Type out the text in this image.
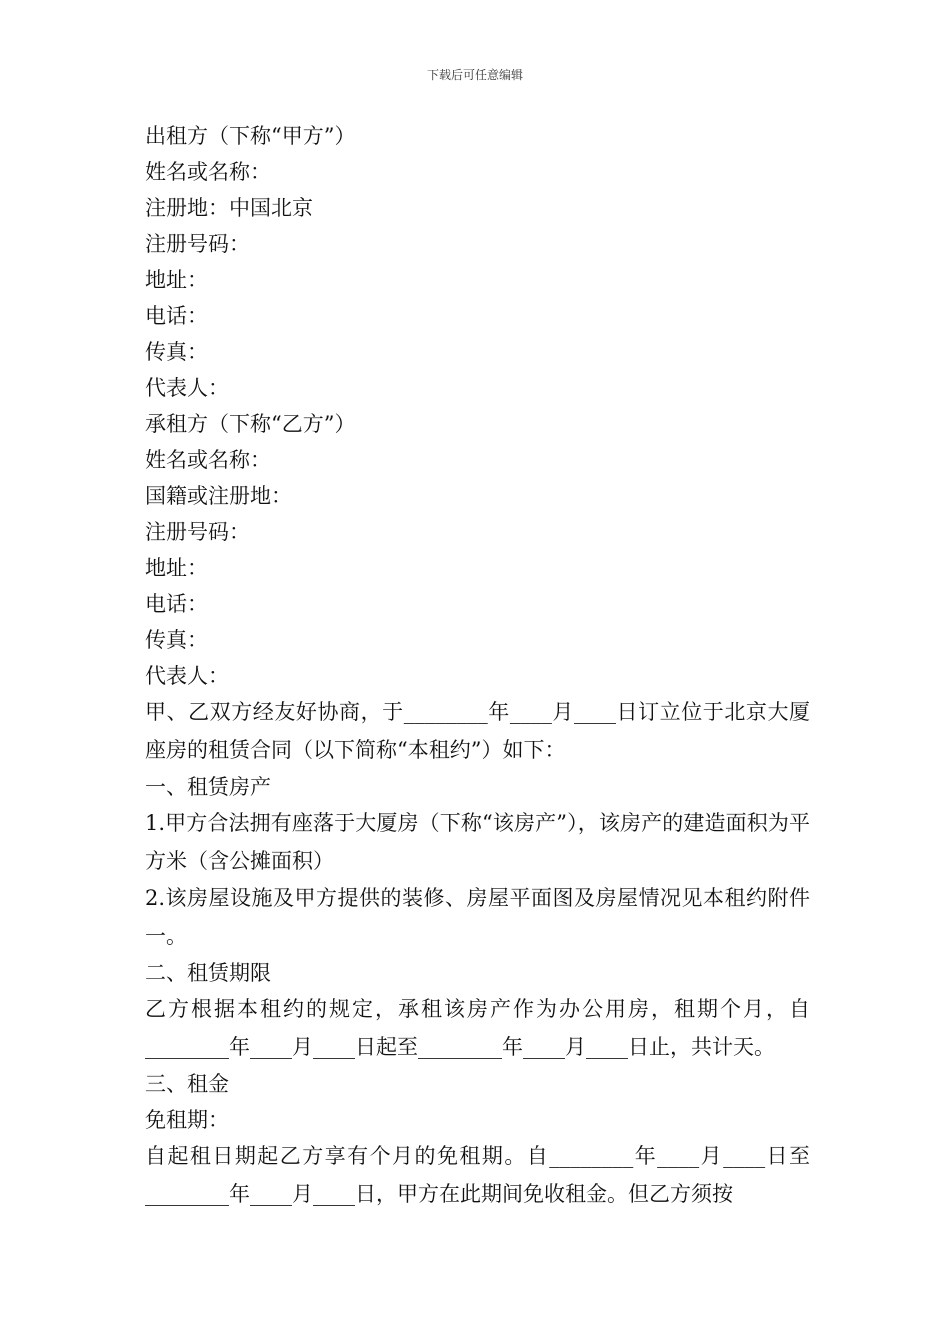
下载后可任意编辑
出租方（下称“甲方”）
姓名或名称：
注册地：中国北京
注册号码：
地址：
电话：
传真：
代表人：
承租方（下称“乙方”）
姓名或名称：
国籍或注册地：
注册号码：
地址：
电话：
传真：
代表人：
甲、乙双方经友好协商，于________年____月____日订立位于北京大厦座房的租赁合同（以下简称“本租约”）如下：
一、租赁房产
1.甲方合法拥有座落于大厦房（下称“该房产”），该房产的建造面积为平方米（含公摊面积）
2.该房屋设施及甲方提供的装修、房屋平面图及房屋情况见本租约附件一。
二、租赁期限
乙方根据本租约的规定，承租该房产作为办公用房，租期个月，自________年____月____日起至________年____月____日止，共计天。
三、租金
免租期：
自起租日期起乙方享有个月的免租期。自________年____月____日至________年____月____日，甲方在此期间免收租金。但乙方须按
